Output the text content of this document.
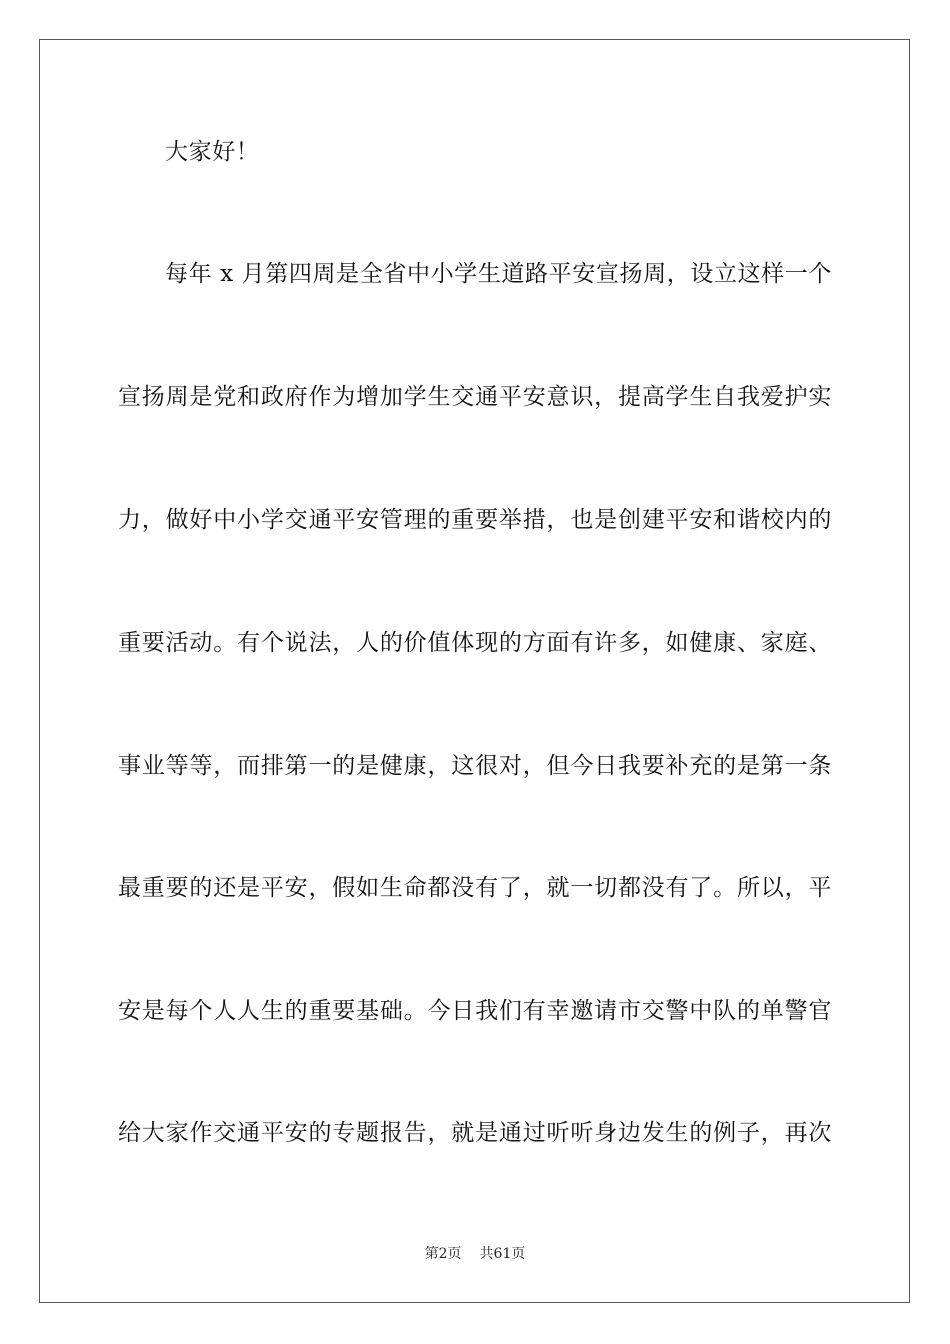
大家好！
每年 x 月第四周是全省中小学生道路平安宣扬周，设立这样一个
宣扬周是党和政府作为增加学生交通平安意识，提高学生自我爱护实
力，做好中小学交通平安管理的重要举措，也是创建平安和谐校内的
重要活动。有个说法，人的价值体现的方面有许多，如健康、家庭、
事业等等，而排第一的是健康，这很对，但今日我要补充的是第一条
最重要的还是平安，假如生命都没有了，就一切都没有了。所以，平
安是每个人人生的重要基础。今日我们有幸邀请市交警中队的单警官
给大家作交通平安的专题报告，就是通过听听身边发生的例子，再次
第2页 共61页
